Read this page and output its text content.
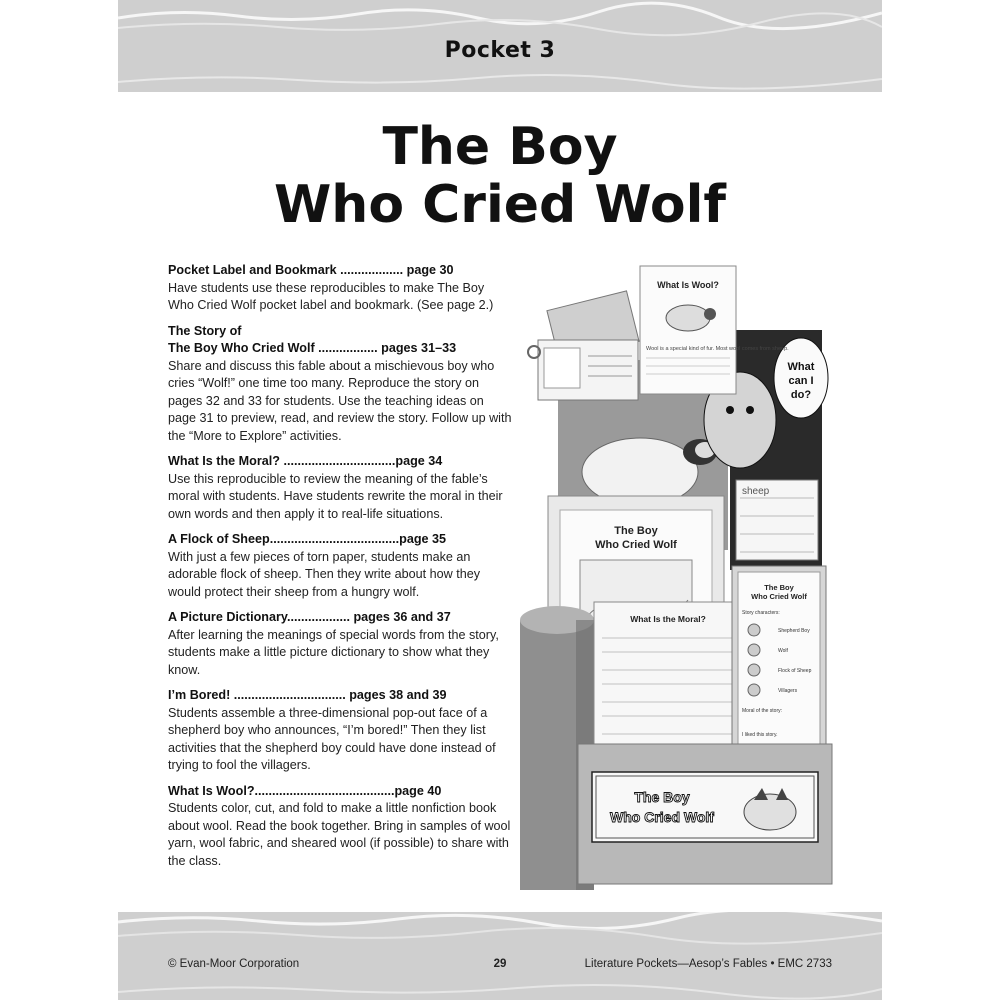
Pocket 3
The Boy
Who Cried Wolf
Pocket Label and Bookmark .................. page 30

Have students use these reproducibles to make The Boy Who Cried Wolf pocket label and bookmark. (See page 2.)

The Story of
The Boy Who Cried Wolf ................. pages 31–33

Share and discuss this fable about a mischievous boy who cries “Wolf!” one time too many. Reproduce the story on pages 32 and 33 for students. Use the teaching ideas on page 31 to preview, read, and review the story. Follow up with the “More to Explore” activities.

What Is the Moral? ................................page 34

Use this reproducible to review the meaning of the fable’s moral with students. Have students rewrite the moral in their own words and then apply it to real-life situations.

A Flock of Sheep.....................................page 35

With just a few pieces of torn paper, students make an adorable flock of sheep. Then they write about how they would protect their sheep from a hungry wolf.

A Picture Dictionary.................. pages 36 and 37

After learning the meanings of special words from the story, students make a little picture dictionary to show what they know.

I’m Bored! ................................ pages 38 and 39

Students assemble a three-dimensional pop-out face of a shepherd boy who announces, “I’m bored!” Then they list activities that the shepherd boy could have done instead of trying to fool the villagers.

What Is Wool?........................................page 40

Students color, cut, and fold to make a little nonfiction book about wool. Read the book together. Bring in samples of wool yarn, wool fabric, and sheared wool (if possible) to share with the class.

What
can I
do?
sheep
What Is Wool?
Wool is a special kind of fur. Most wool comes from sheep.
The Boy
Who Cried Wolf
What Is the Moral?
The Boy
Who Cried Wolf
Story characters:
Shepherd Boy
Wolf
Flock of Sheep
Villagers
Moral of the story:
I liked this story.
The Boy
Who Cried Wolf
© Evan-Moor Corporation	29	Literature Pockets—Aesop’s Fables • EMC 2733
